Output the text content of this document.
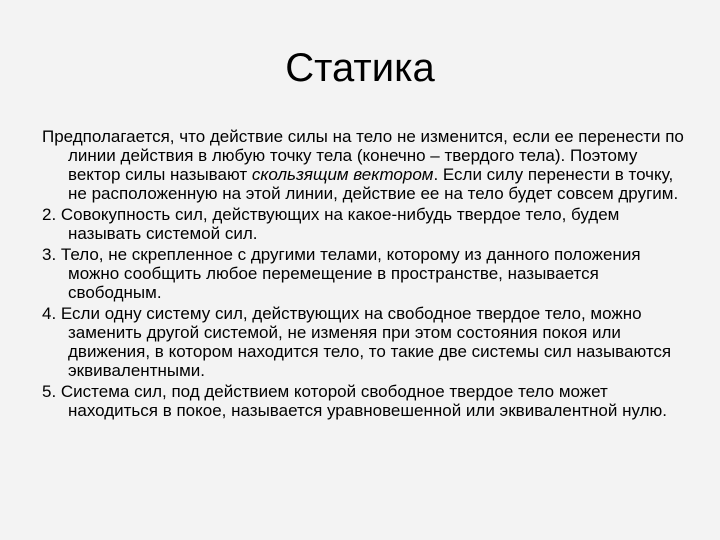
Статика
Предполагается, что действие силы на тело не изменится, если ее перенести по линии действия в любую точку тела (конечно – твердого тела). Поэтому вектор силы называют скользящим вектором. Если силу перенести в точку, не расположенную на этой линии, действие ее на тело будет совсем другим.
2. Совокупность сил, действующих на какое-нибудь твердое тело, будем называть системой сил.
3. Тело, не скрепленное с другими телами, которому из данного положения можно сообщить любое перемещение в пространстве, называется свободным.
4. Если одну систему сил, действующих на свободное твердое тело, можно заменить другой системой, не изменяя при этом состояния покоя или движения, в котором находится тело, то такие две системы сил называются эквивалентными.
5. Система сил, под действием которой свободное твердое тело может находиться в покое, называется уравновешенной или эквивалентной нулю.
